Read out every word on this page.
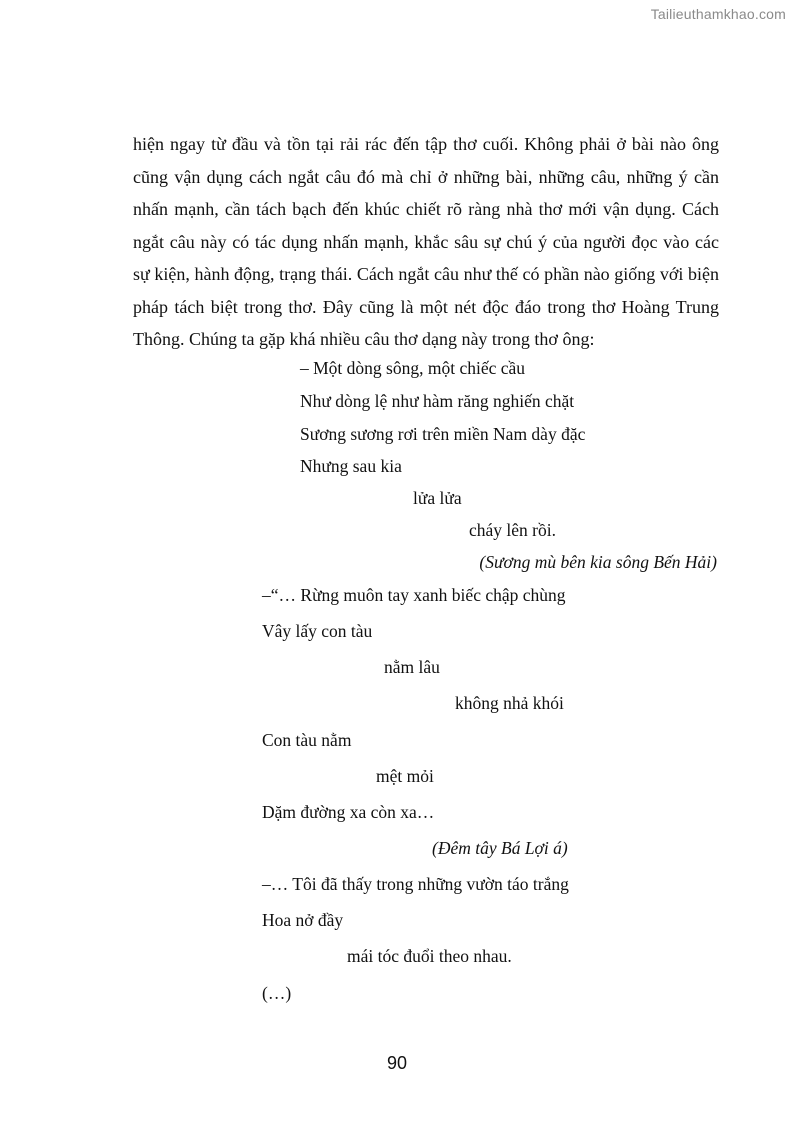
Tailieuthamkhao.com

hiện ngay từ đầu và tồn tại rải rác đến tập thơ cuối. Không phải ở bài nào ông cũng vận dụng cách ngắt câu đó mà chỉ ở những bài, những câu, những ý cần nhấn mạnh, cần tách bạch đến khúc chiết rõ ràng nhà thơ mới vận dụng. Cách ngắt câu này có tác dụng nhấn mạnh, khắc sâu sự chú ý của người đọc vào các sự kiện, hành động, trạng thái. Cách ngắt câu như thế có phần nào giống với biện pháp tách biệt trong thơ. Đây cũng là một nét độc đáo trong thơ Hoàng Trung Thông. Chúng ta gặp khá nhiều câu thơ dạng này trong thơ ông:

– Một dòng sông, một chiếc cầu
Như dòng lệ như hàm răng nghiến chặt
Sương sương rơi trên miền Nam dày đặc
Nhưng sau kia
lửa lửa
cháy lên rồi.
(Sương mù bên kia sông Bến Hải)
–“… Rừng muôn tay xanh biếc chập chùng
Vây lấy con tàu
nằm lâu
không nhả khói
Con tàu nằm
mệt mỏi
Dặm đường xa còn xa…
(Đêm tây Bá Lợi á)
–… Tôi đã thấy trong những vườn táo trắng
Hoa nở đầy
mái tóc đuổi theo nhau.
(…)
90
